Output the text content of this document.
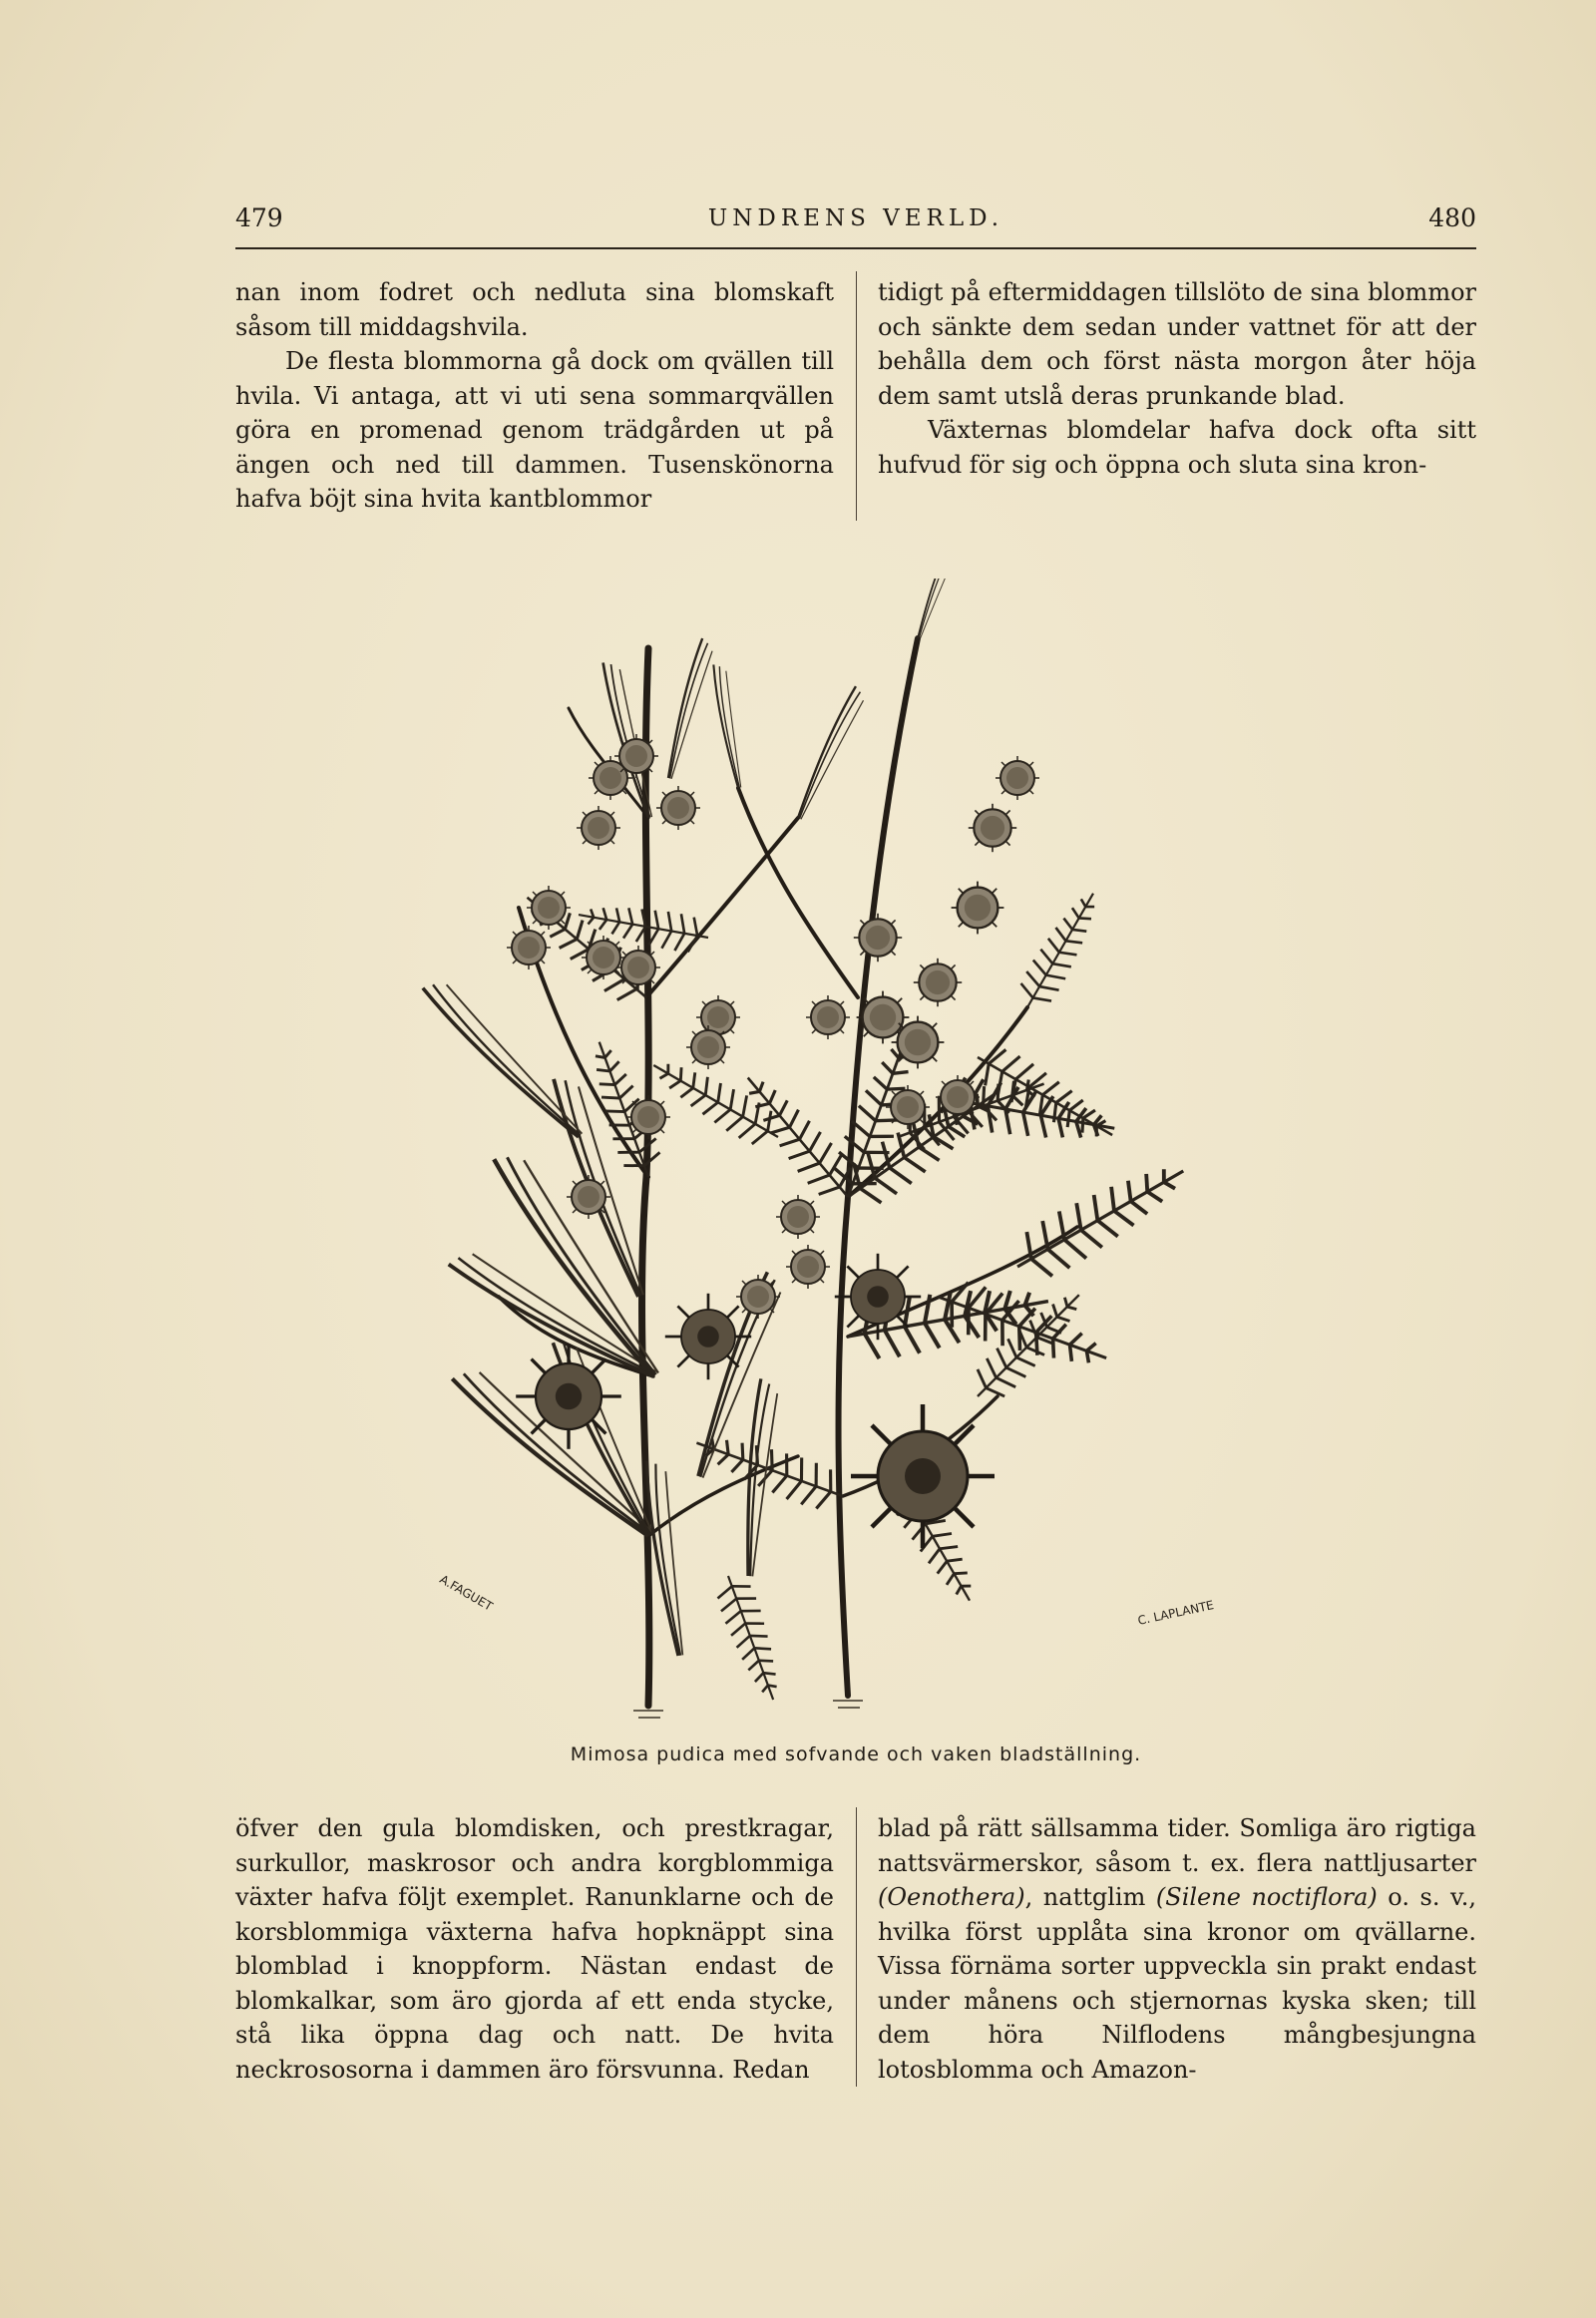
479	UNDRENS VERLD.	480

nan inom fodret och nedluta sina blomskaft såsom till middagshvila.

De flesta blommorna gå dock om qvällen till hvila. Vi antaga, att vi uti sena sommarqvällen göra en promenad genom trädgården ut på ängen och ned till dammen. Tusenskönorna hafva böjt sina hvita kantblommor

tidigt på eftermiddagen tillslöto de sina blommor och sänkte dem sedan under vattnet för att der behålla dem och först nästa morgon åter höja dem samt utslå deras prunkande blad.

Växternas blomdelar hafva dock ofta sitt hufvud för sig och öppna och sluta sina kron-

A.FAGUET	C. LAPLANTE
Mimosa pudica med sofvande och vaken bladställning.

öfver den gula blomdisken, och prestkragar, surkullor, maskrosor och andra korgblommiga växter hafva följt exemplet. Ranunklarne och de korsblommiga växterna hafva hopknäppt sina blomblad i knoppform. Nästan endast de blomkalkar, som äro gjorda af ett enda stycke, stå lika öppna dag och natt. De hvita neckrososorna i dammen äro försvunna. Redan

blad på rätt sällsamma tider. Somliga äro rigtiga nattsvärmerskor, såsom t. ex. flera nattljusarter (Oenothera), nattglim (Silene noctiflora) o. s. v., hvilka först upplåta sina kronor om qvällarne. Vissa förnäma sorter uppveckla sin prakt endast under månens och stjernornas kyska sken; till dem höra Nilflodens mångbesjungna lotosblomma och Amazon-
